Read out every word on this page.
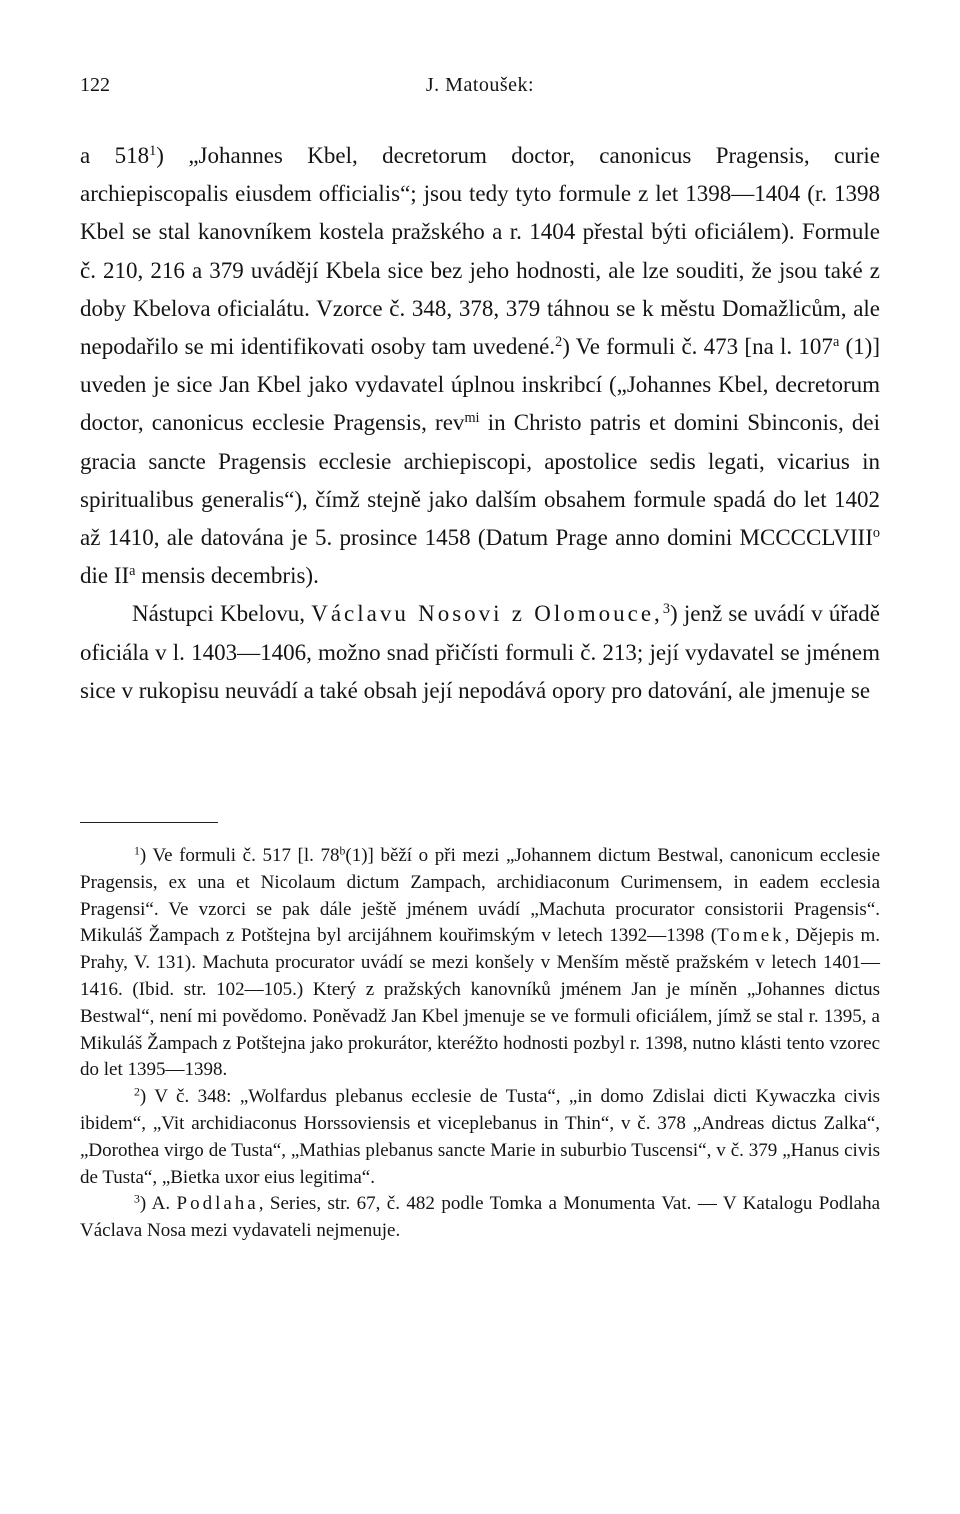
122	J. Matoušek:

a $518^1$) „Johannes Kbel, decretorum doctor, canonicus Pragensis, curie archiepiscopalis eiusdem officialis“; jsou tedy tyto formule z let 1398—1404 (r. 1398 Kbel se stal kanovníkem kostela pražského a r. 1404 přestal býti oficiálem). Formule č. 210, 216 a 379 uvádějí Kbela sice bez jeho hodnosti, ale lze souditi, že jsou také z doby Kbelova oficialátu. Vzorce č. 348, 378, 379 táhnou se k městu Domažlicům, ale nepodařilo se mi identifikovati osoby tam uvedené.$^2$) Ve formuli č. 473 [na l. 107$^a$ (1)] uveden je sice Jan Kbel jako vydavatel úplnou inskribcí („Johannes Kbel, decretorum doctor, canonicus ecclesie Pragensis, rev$^{mi}$ in Christo patris et domini Sbinconis, dei gracia sancte Pragensis ecclesie archiepiscopi, apostolice sedis legati, vicarius in spiritualibus generalis“), čímž stejně jako dalším obsahem formule spadá do let 1402 až 1410, ale datována je 5. prosince 1458 (Datum Prage anno domini MCCCCLVIII$^o$ die $II^a$ mensis decembris).

Nástupci Kbelovu, Václavu Nosovi z Olomouce,$^3$) jenž se uvádí v úřadě oficiála v l. 1403—1406, možno snad přičísti formuli č. 213; její vydavatel se jménem sice v rukopisu neuvádí a také obsah její nepodává opory pro datování, ale jmenuje se

$^1$) Ve formuli č. 517 [l. 78$^b$(1)] běží o při mezi „Johannem dictum Bestwal, canonicum ecclesie Pragensis, ex una et Nicolaum dictum Zampach, archidiaconum Curimensem, in eadem ecclesia Pragensi“. Ve vzorci se pak dále ještě jménem uvádí „Machuta procurator consistorii Pragensis“. Mikuláš Žampach z Potštejna byl arcijáhnem kouřimským v letech 1392—1398 (Tomek, Dějepis m. Prahy, V. 131). Machuta procurator uvádí se mezi konšely v Menším městě pražském v letech 1401—1416. (Ibid. str. 102—105.) Který z pražských kanovníků jménem Jan je míněn „Johannes dictus Bestwal“, není mi povědomo. Poněvadž Jan Kbel jmenuje se ve formuli oficiálem, jímž se stal r. 1395, a Mikuláš Žampach z Potštejna jako prokurátor, kteréžto hodnosti pozbyl r. 1398, nutno klásti tento vzorec do let 1395—1398.

$^2$) V č. 348: „Wolfardus plebanus ecclesie de Tusta“, „in domo Zdislai dicti Kywaczka civis ibidem“, „Vit archidiaconus Horssoviensis et viceplebanus in Thin“, v č. 378 „Andreas dictus Zalka“, „Dorothea virgo de Tusta“, „Mathias plebanus sancte Marie in suburbio Tuscensi“, v č. 379 „Hanus civis de Tusta“, „Bietka uxor eius legitima“.

$^3$) A. Podlaha, Series, str. 67, č. 482 podle Tomka a Monumenta Vat. — V Katalogu Podlaha Václava Nosa mezi vydavateli nejmenuje.
